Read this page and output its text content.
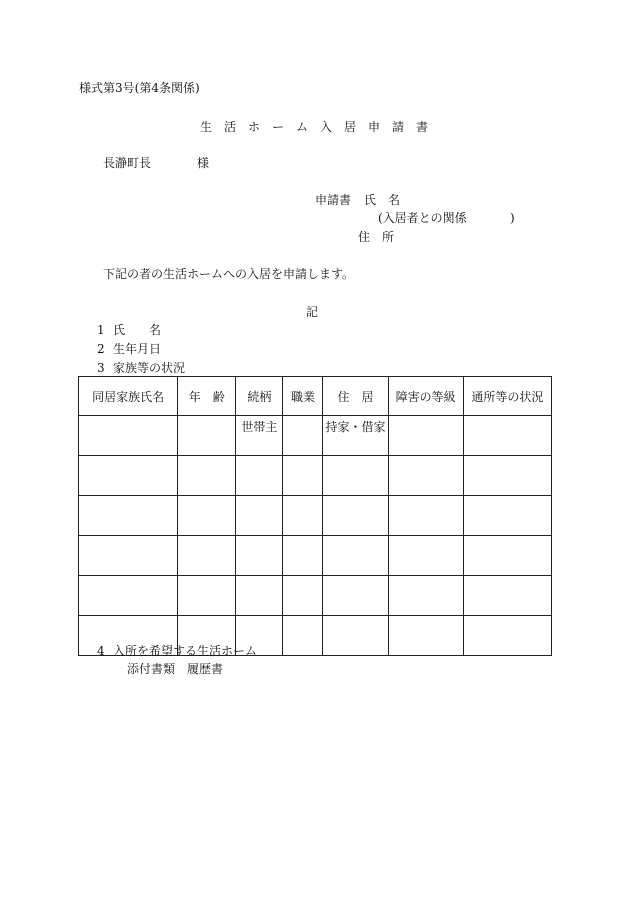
様式第3号(第4条関係)
生　活　ホ　ー　ム　入　居　申　請　書
長瀞町長	様
申請書 氏　名
(入居者との関係	)
住　所
下記の者の生活ホームへの入居を申請します。
記
1 氏　　名
2 生年月日
3 家族等の状況
同居家族氏名	年　齢	続柄	職業	住　居	障害の等級	通所等の状況
		世帯主		持家・借家		

4 入所を希望する生活ホーム
添付書類　履歴書
